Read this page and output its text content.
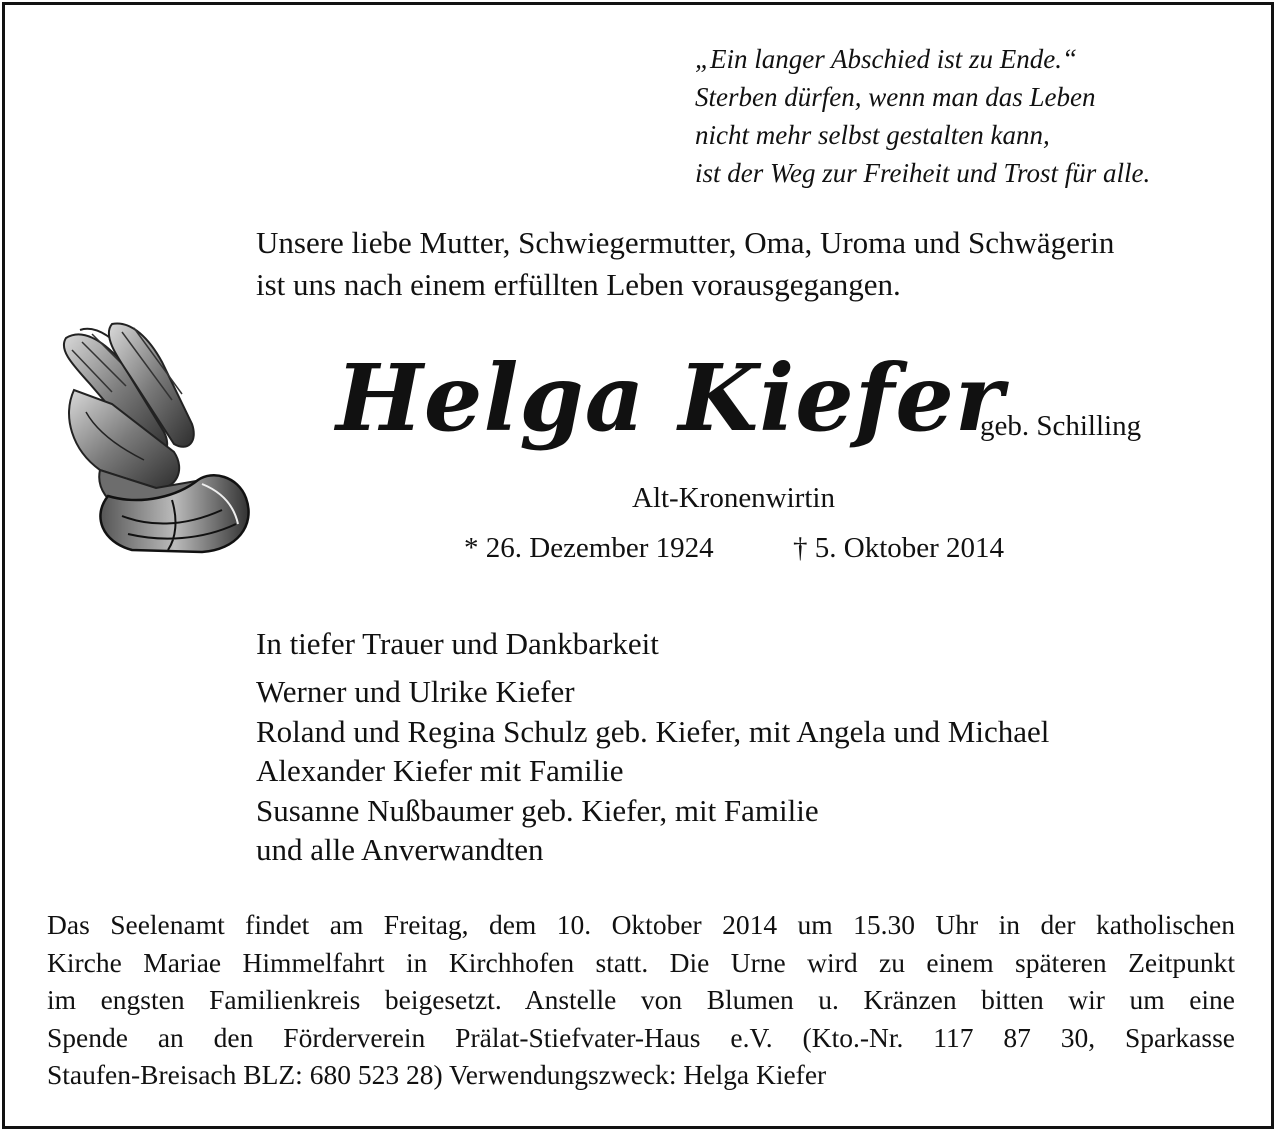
„Ein langer Abschied ist zu Ende.“
Sterben dürfen, wenn man das Leben
nicht mehr selbst gestalten kann,
ist der Weg zur Freiheit und Trost für alle.
Unsere liebe Mutter, Schwiegermutter, Oma, Uroma und Schwägerin
ist uns nach einem erfüllten Leben vorausgegangen.
Helga Kiefer
geb. Schilling
Alt-Kronenwirtin
* 26. Dezember 1924	† 5. Oktober 2014
In tiefer Trauer und Dankbarkeit
Werner und Ulrike Kiefer
Roland und Regina Schulz geb. Kiefer, mit Angela und Michael
Alexander Kiefer mit Familie
Susanne Nußbaumer geb. Kiefer, mit Familie
und alle Anverwandten
Das Seelenamt findet am Freitag, dem 10. Oktober 2014 um 15.30 Uhr in der katholischen
Kirche Mariae Himmelfahrt in Kirchhofen statt. Die Urne wird zu einem späteren Zeitpunkt
im engsten Familienkreis beigesetzt. Anstelle von Blumen u. Kränzen bitten wir um eine
Spende an den Förderverein Prälat-Stiefvater-Haus e.V. (Kto.-Nr. 117 87 30, Sparkasse
Staufen-Breisach BLZ: 680 523 28) Verwendungszweck: Helga Kiefer
